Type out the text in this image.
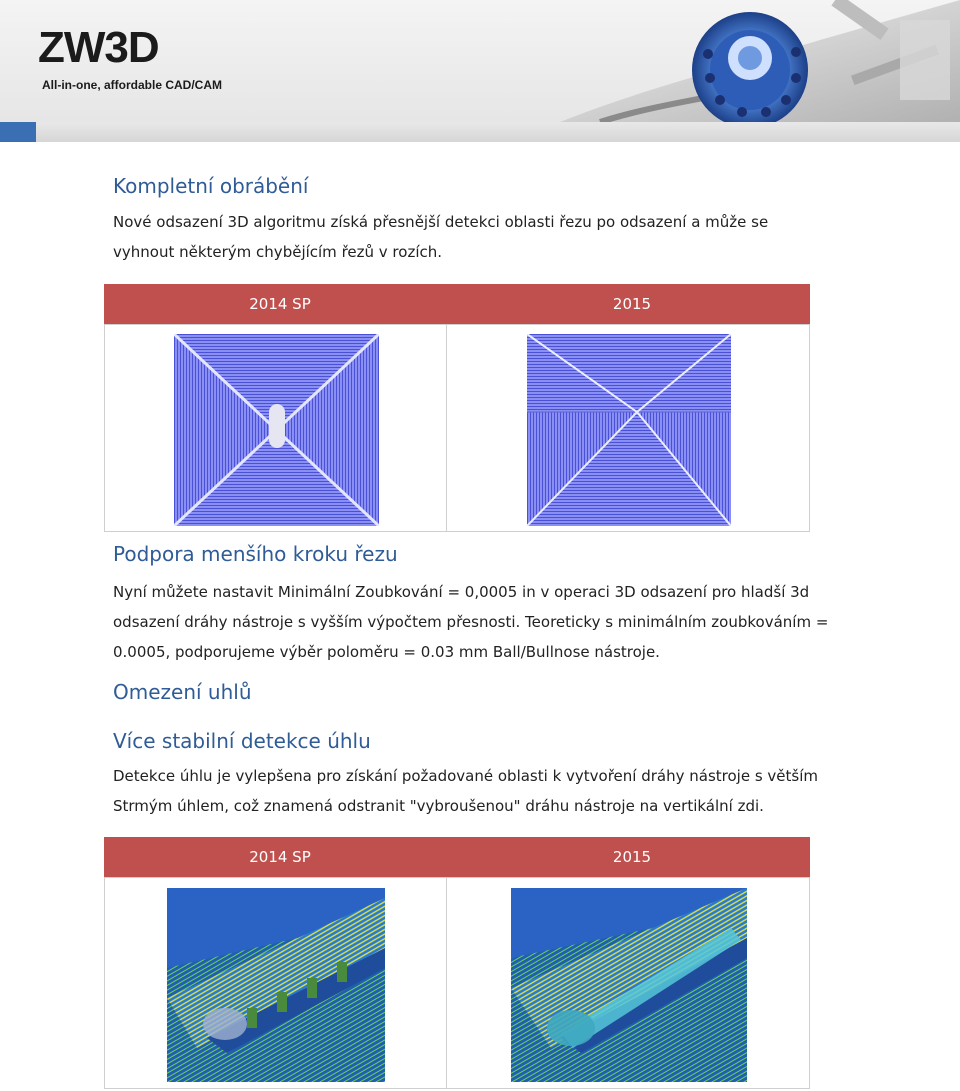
ZW3D
All-in-one, affordable CAD/CAM
Kompletní obrábění

Nové odsazení 3D algoritmu získá přesnější detekci oblasti řezu po odsazení a může se vyhnout některým chybějícím řezů v rozích.

2014 SP	2015
Podpora menšího kroku řezu

Nyní můžete nastavit Minimální Zoubkování = 0,0005 in v operaci 3D odsazení pro hladší 3d odsazení dráhy nástroje s vyšším výpočtem přesnosti. Teoreticky s minimálním zoubkováním = 0.0005, podporujeme výběr poloměru = 0.03 mm Ball/Bullnose nástroje.

Omezení uhlů
Více stabilní detekce úhlu

Detekce úhlu je vylepšena pro získání požadované oblasti k vytvoření dráhy nástroje s větším Strmým úhlem, což znamená odstranit "vybroušenou" dráhu nástroje na vertikální zdi.

2014 SP	2015
